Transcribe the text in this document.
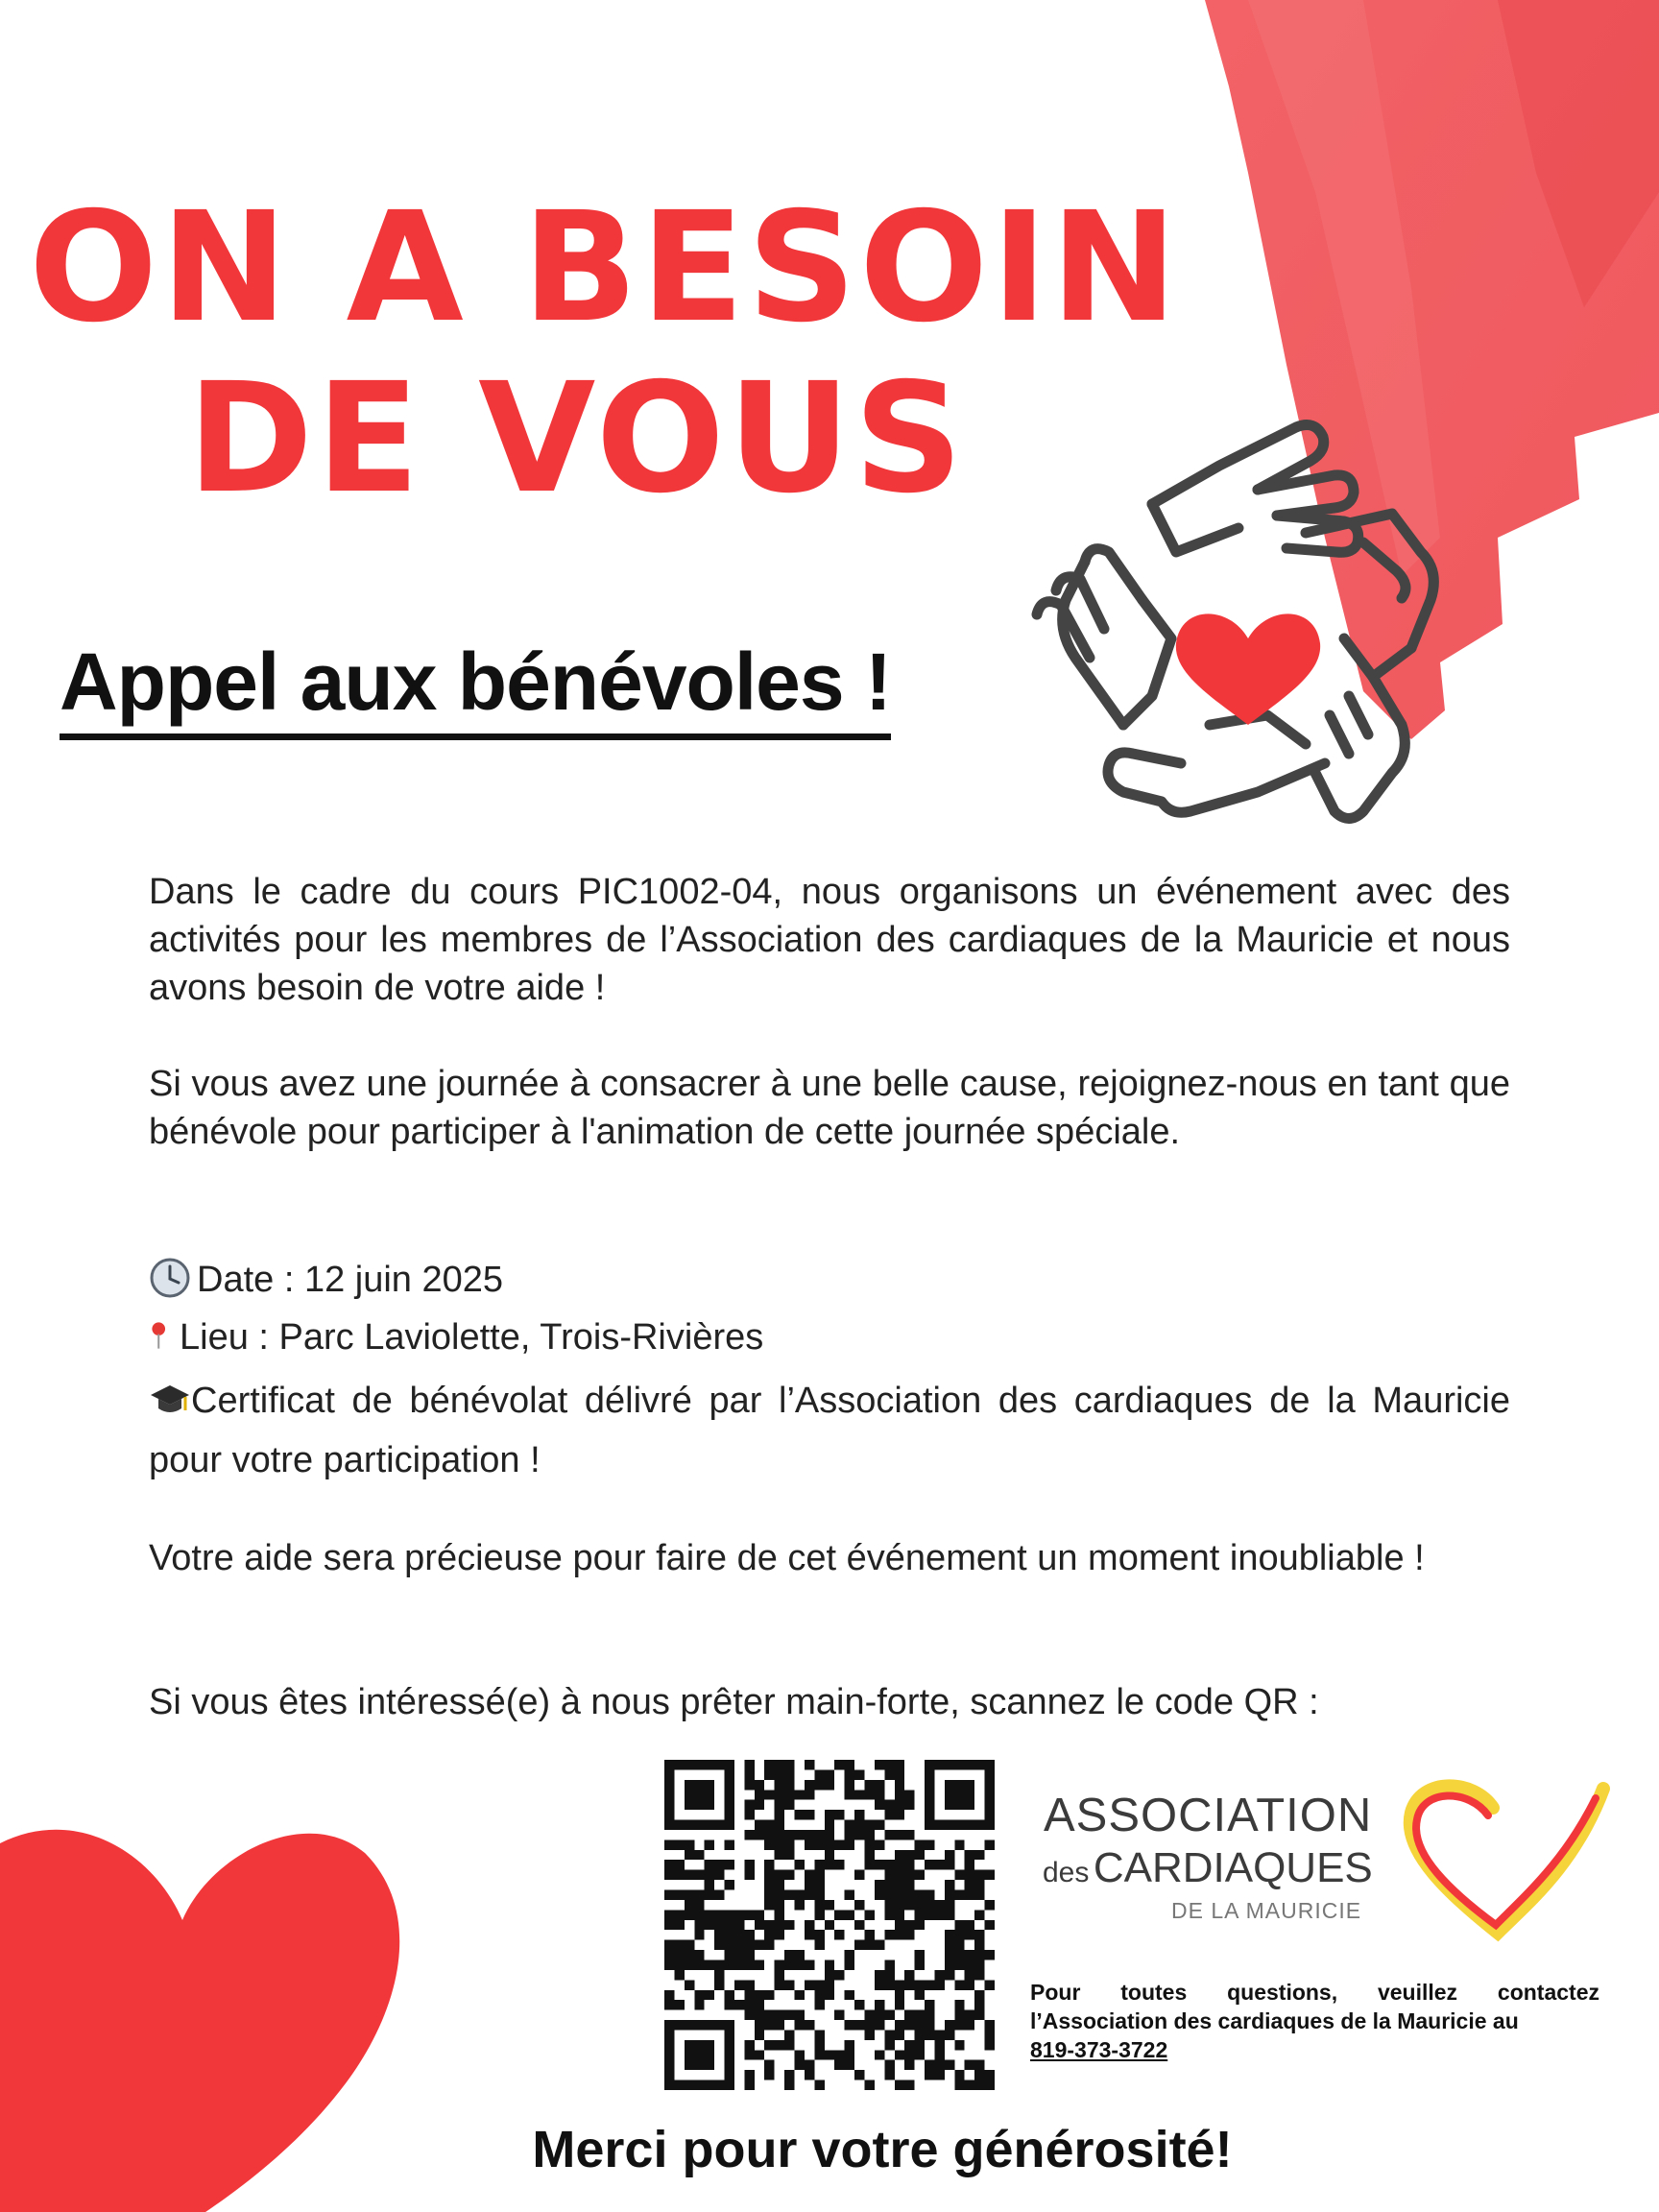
ON A BESOIN
DE VOUS
Appel aux bénévoles !

Dans le cadre du cours PIC1002-04, nous organisons un événement avec des activités pour les membres de l’Association des cardiaques de la Mauricie et nous avons besoin de votre aide !

Si vous avez une journée à consacrer à une belle cause, rejoignez-nous en tant que bénévole pour participer à l'animation de cette journée spéciale.

Date : 12 juin 2025
Lieu : Parc Laviolette, Trois-Rivières
Certificat de bénévolat délivré par l’Association des cardiaques de la Mauricie pour votre participation !

Votre aide sera précieuse pour faire de cet événement un moment inoubliable !

Si vous êtes intéressé(e) à nous prêter main-forte, scannez le code QR :

ASSOCIATION
des CARDIAQUES
DE LA MAURICIE

Pour toutes questions, veuillez contactez l’Association des cardiaques de la Mauricie au
819-373-3722

Merci pour votre générosité!
